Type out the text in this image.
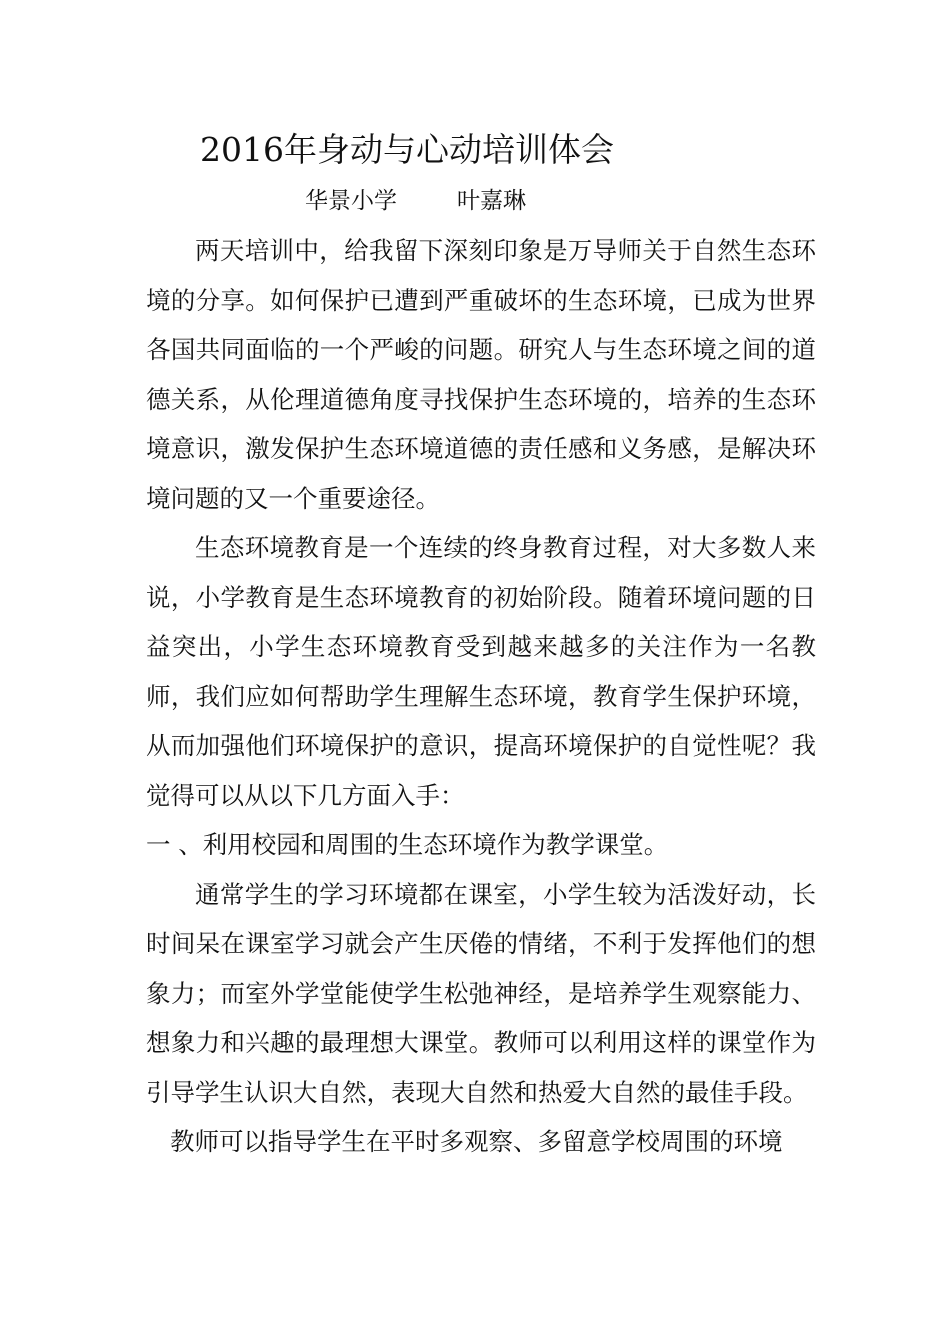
2016年身动与心动培训体会
华景小学	叶嘉琳

两天培训中，给我留下深刻印象是万导师关于自然生态环境的分享。如何保护已遭到严重破坏的生态环境，已成为世界各国共同面临的一个严峻的问题。研究人与生态环境之间的道德关系，从伦理道德角度寻找保护生态环境的，培养的生态环境意识，激发保护生态环境道德的责任感和义务感，是解决环境问题的又一个重要途径。

生态环境教育是一个连续的终身教育过程，对大多数人来说，小学教育是生态环境教育的初始阶段。随着环境问题的日益突出，小学生态环境教育受到越来越多的关注作为一名教师，我们应如何帮助学生理解生态环境，教育学生保护环境，从而加强他们环境保护的意识，提高环境保护的自觉性呢？我觉得可以从以下几方面入手：

一 、利用校园和周围的生态环境作为教学课堂。

通常学生的学习环境都在课室，小学生较为活泼好动，长时间呆在课室学习就会产生厌倦的情绪，不利于发挥他们的想象力；而室外学堂能使学生松弛神经，是培养学生观察能力、想象力和兴趣的最理想大课堂。教师可以利用这样的课堂作为引导学生认识大自然，表现大自然和热爱大自然的最佳手段。

教师可以指导学生在平时多观察、多留意学校周围的环境
